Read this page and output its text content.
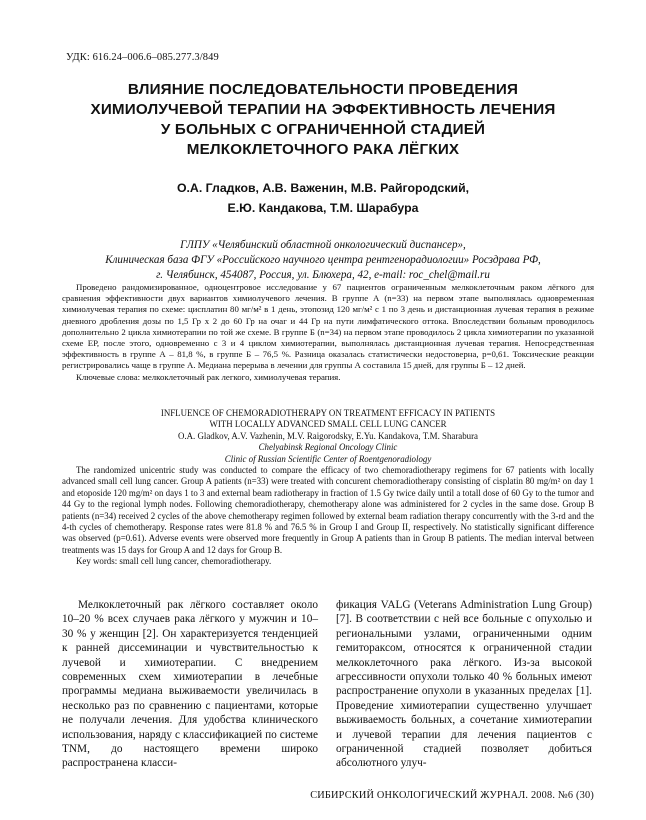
УДК: 616.24–006.6–085.277.3/849
ВЛИЯНИЕ ПОСЛЕДОВАТЕЛЬНОСТИ ПРОВЕДЕНИЯ
ХИМИОЛУЧЕВОЙ ТЕРАПИИ НА ЭФФЕКТИВНОСТЬ ЛЕЧЕНИЯ
У БОЛЬНЫХ С ОГРАНИЧЕННОЙ СТАДИЕЙ
МЕЛКОКЛЕТОЧНОГО РАКА ЛЁГКИХ
О.А. Гладков, А.В. Важенин, М.В. Райгородский,
Е.Ю. Кандакова, Т.М. Шарабура
ГЛПУ «Челябинский областной онкологический диспансер»,
Клиническая база ФГУ «Российского научного центра рентгенорадиологии» Росздрава РФ,
г. Челябинск, 454087, Россия, ул. Блюхера, 42, e-mail: roc_chel@mail.ru

Проведено рандомизированное, одноцентровое исследование у 67 пациентов ограниченным мелкоклеточным раком лёгкого для сравнения эффективности двух вариантов химиолучевого лечения. В группе А (n=33) на первом этапе выполнялась одновременная химиолучевая терапия по схеме: цисплатин 80 мг/м² в 1 день, этопозид 120 мг/м² с 1 по 3 день и дистанционная лучевая терапия в режиме дневного дробления дозы по 1,5 Гр х 2 до 60 Гр на очаг и 44 Гр на пути лимфатического оттока. Впоследствии больным проводилось дополнительно 2 цикла химиотерапии по той же схеме. В группе Б (n=34) на первом этапе проводилось 2 цикла химиотерапии по указанной схеме ЕР, после этого, одновременно с 3 и 4 циклом химиотерапии, выполнялась дистанционная лучевая терапия. Непосредственная эффективность в группе А – 81,8 %, в группе Б – 76,5 %. Разница оказалась статистически недостоверна, р=0,61. Токсические реакции регистрировались чаще в группе А. Медиана перерыва в лечении для группы А составила 15 дней, для группы Б – 12 дней.

Ключевые слова: мелкоклеточный рак легкого, химиолучевая терапия.

INFLUENCE OF CHEMORADIOTHERAPY ON TREATMENT EFFICACY IN PATIENTS
WITH LOCALLY ADVANCED SMALL CELL LUNG CANCER
O.A. Gladkov, A.V. Vazhenin, M.V. Raigorodsky, E.Yu. Kandakova, T.M. Sharabura
Chelyabinsk Regional Oncology Clinic
Clinic of Russian Scientific Center of Roentgenoradiology

The randomized unicentric study was conducted to compare the efficacy of two chemoradiotherapy regimens for 67 patients with locally advanced small cell lung cancer. Group A patients (n=33) were treated with concurent chemoradiotherapy consisting of cisplatin 80 mg/m² on day 1 and etoposide 120 mg/m² on days 1 to 3 and external beam radiotherapy in fraction of 1.5 Gy twice daily until a totall dose of 60 Gy to the tumor and 44 Gy to the regional lymph nodes. Following chemoradiotherapy, chemotherapy alone was administered for 2 cycles in the same dose. Group B patients (n=34) received 2 cycles of the above chemotherapy regimen followed by external beam radiation therapy concurrently with the 3-rd and the 4-th cycles of chemotherapy. Response rates were 81.8 % and 76.5 % in Group I and Group II, respectively. No statistically significant difference was observed (p=0.61). Adverse events were observed more frequently in Group A patients than in Group B patients. The median interval between treatments was 15 days for Group A and 12 days for Group B.

Key words: small cell lung cancer, chemoradiotherapy.

Мелкоклеточный рак лёгкого составляет около 10–20 % всех случаев рака лёгкого у мужчин и 10–30 % у женщин [2]. Он характеризуется тенденцией к ранней диссеминации и чувствительностью к лучевой и химиотерапии. С внедрением современных схем химиотерапии в лечебные программы медиана выживаемости увеличилась в несколько раз по сравнению с пациентами, которые не получали лечения. Для удобства клинического использования, наряду с классификацией по системе TNM, до настоящего времени широко распространена класси-

фикация VALG (Veterans Administration Lung Group) [7]. В соответствии с ней все больные с опухолью и региональными узлами, ограниченными одним гемитораксом, относятся к ограниченной стадии мелкоклеточного рака лёгкого. Из-за высокой агрессивности опухоли только 40 % больных имеют распространение опухоли в указанных пределах [1]. Проведение химиотерапии существенно улучшает выживаемость больных, а сочетание химиотерапии и лучевой терапии для лечения пациентов с ограниченной стадией позволяет добиться абсолютного улуч-

СИБИРСКИЙ ОНКОЛОГИЧЕСКИЙ ЖУРНАЛ. 2008. №6 (30)
